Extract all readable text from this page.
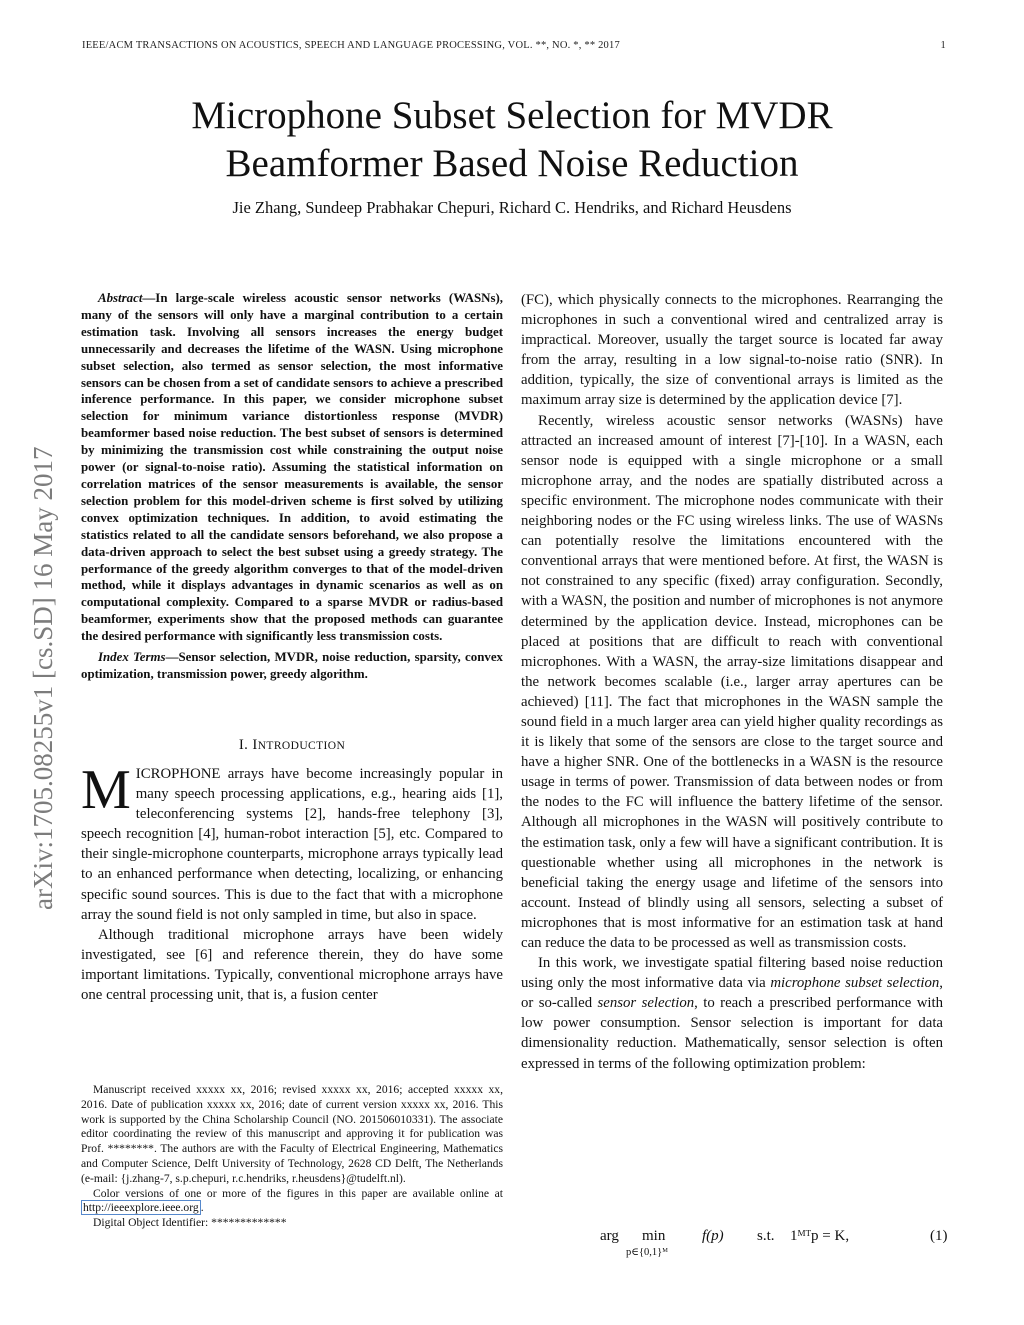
IEEE/ACM TRANSACTIONS ON ACOUSTICS, SPEECH AND LANGUAGE PROCESSING, VOL. **, NO. *, ** 2017	1
Microphone Subset Selection for MVDR
Beamformer Based Noise Reduction
Jie Zhang, Sundeep Prabhakar Chepuri, Richard C. Hendriks, and Richard Heusdens
arXiv:1705.08255v1 [cs.SD] 16 May 2017

Abstract—In large-scale wireless acoustic sensor networks (WASNs), many of the sensors will only have a marginal contribution to a certain estimation task. Involving all sensors increases the energy budget unnecessarily and decreases the lifetime of the WASN. Using microphone subset selection, also termed as sensor selection, the most informative sensors can be chosen from a set of candidate sensors to achieve a prescribed inference performance. In this paper, we consider microphone subset selection for minimum variance distortionless response (MVDR) beamformer based noise reduction. The best subset of sensors is determined by minimizing the transmission cost while constraining the output noise power (or signal-to-noise ratio). Assuming the statistical information on correlation matrices of the sensor measurements is available, the sensor selection problem for this model-driven scheme is first solved by utilizing convex optimization techniques. In addition, to avoid estimating the statistics related to all the candidate sensors beforehand, we also propose a data-driven approach to select the best subset using a greedy strategy. The performance of the greedy algorithm converges to that of the model-driven method, while it displays advantages in dynamic scenarios as well as on computational complexity. Compared to a sparse MVDR or radius-based beamformer, experiments show that the proposed methods can guarantee the desired performance with significantly less transmission costs.

Index Terms—Sensor selection, MVDR, noise reduction, sparsity, convex optimization, transmission power, greedy algorithm.

I. INTRODUCTION

MICROPHONE arrays have become increasingly popular in many speech processing applications, e.g., hearing aids [1], teleconferencing systems [2], hands-free telephony [3], speech recognition [4], human-robot interaction [5], etc. Compared to their single-microphone counterparts, microphone arrays typically lead to an enhanced performance when detecting, localizing, or enhancing specific sound sources. This is due to the fact that with a microphone array the sound field is not only sampled in time, but also in space.

Although traditional microphone arrays have been widely investigated, see [6] and reference therein, they do have some important limitations. Typically, conventional microphone arrays have one central processing unit, that is, a fusion center

Manuscript received xxxxx xx, 2016; revised xxxxx xx, 2016; accepted xxxxx xx, 2016. Date of publication xxxxx xx, 2016; date of current version xxxxx xx, 2016. This work is supported by the China Scholarship Council (NO. 201506010331). The associate editor coordinating the review of this manuscript and approving it for publication was Prof. ********. The authors are with the Faculty of Electrical Engineering, Mathematics and Computer Science, Delft University of Technology, 2628 CD Delft, The Netherlands (e-mail: {j.zhang-7, s.p.chepuri, r.c.hendriks, r.heusdens}@tudelft.nl).

Color versions of one or more of the figures in this paper are available online at http://ieeexplore.ieee.org .

Digital Object Identifier: *************

(FC), which physically connects to the microphones. Rearranging the microphones in such a conventional wired and centralized array is impractical. Moreover, usually the target source is located far away from the array, resulting in a low signal-to-noise ratio (SNR). In addition, typically, the size of conventional arrays is limited as the maximum array size is determined by the application device [7].

Recently, wireless acoustic sensor networks (WASNs) have attracted an increased amount of interest [7]-[10]. In a WASN, each sensor node is equipped with a single microphone or a small microphone array, and the nodes are spatially distributed across a specific environment. The microphone nodes communicate with their neighboring nodes or the FC using wireless links. The use of WASNs can potentially resolve the limitations encountered with the conventional arrays that were mentioned before. At first, the WASN is not constrained to any specific (fixed) array configuration. Secondly, with a WASN, the position and number of microphones is not anymore determined by the application device. Instead, microphones can be placed at positions that are difficult to reach with conventional microphones. With a WASN, the array-size limitations disappear and the network becomes scalable (i.e., larger array apertures can be achieved) [11]. The fact that microphones in the WASN sample the sound field in a much larger area can yield higher quality recordings as it is likely that some of the sensors are close to the target source and have a higher SNR. One of the bottlenecks in a WASN is the resource usage in terms of power. Transmission of data between nodes or from the nodes to the FC will influence the battery lifetime of the sensor. Although all microphones in the WASN will positively contribute to the estimation task, only a few will have a significant contribution. It is questionable whether using all microphones in the network is beneficial taking the energy usage and lifetime of the sensors into account. Instead of blindly using all sensors, selecting a subset of microphones that is most informative for an estimation task at hand can reduce the data to be processed as well as transmission costs.

In this work, we investigate spatial filtering based noise reduction using only the most informative data via microphone subset selection, or so-called sensor selection, to reach a prescribed performance with low power consumption. Sensor selection is important for data dimensionality reduction. Mathematically, sensor selection is often expressed in terms of the following optimization problem:

arg min
p∈{0,1}ᴹ
f(p) s.t. 1ᴹᵀp = K,	(1)
